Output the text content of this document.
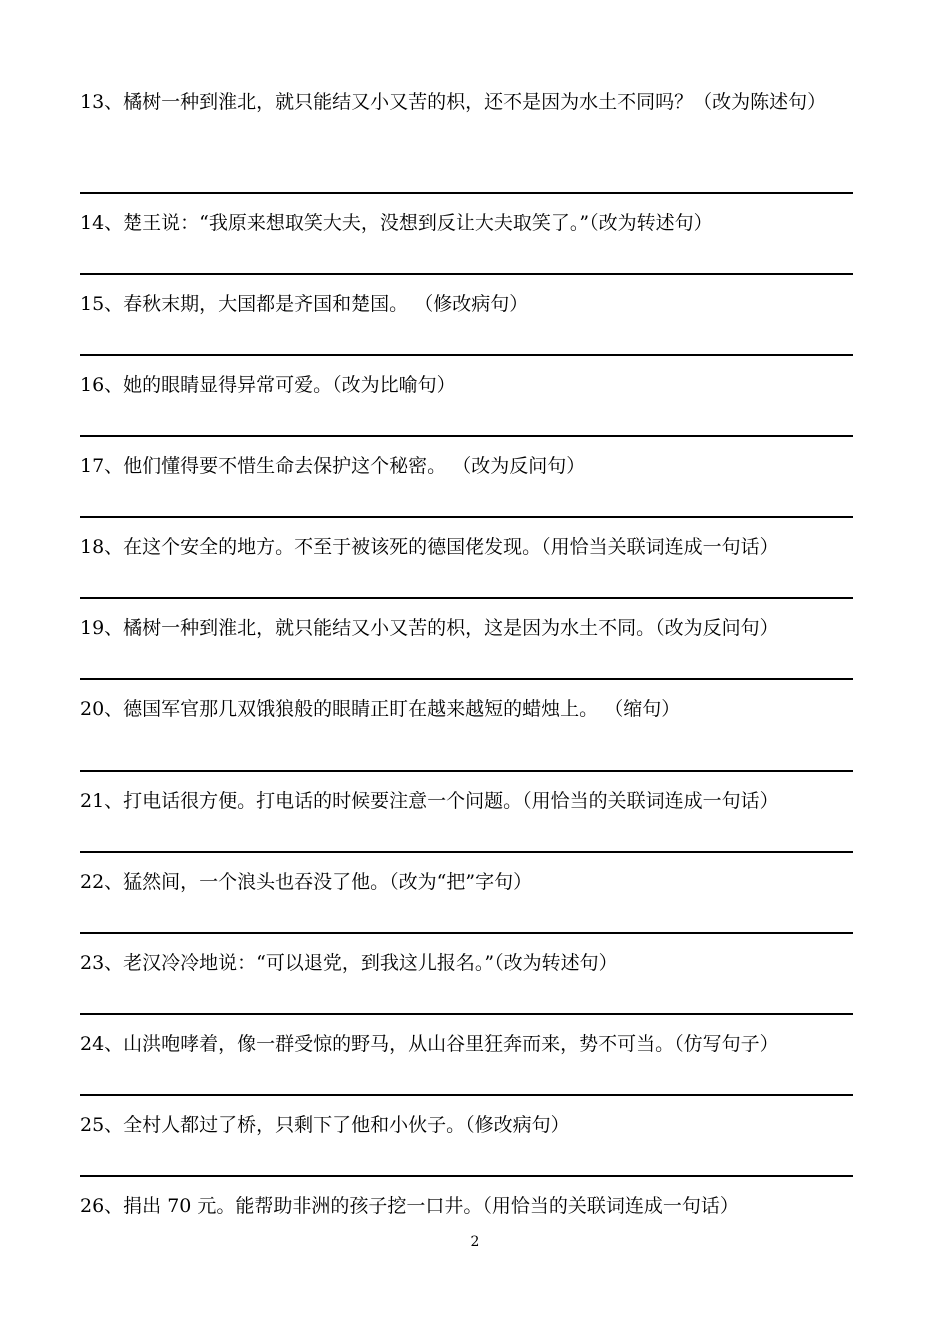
13、橘树一种到淮北，就只能结又小又苦的枳，还不是因为水土不同吗？（改为陈述句）
14、楚王说：“我原来想取笑大夫，没想到反让大夫取笑了。”（改为转述句）
15、春秋末期，大国都是齐国和楚国。 （修改病句）
16、她的眼睛显得异常可爱。（改为比喻句）
17、他们懂得要不惜生命去保护这个秘密。 （改为反问句）
18、在这个安全的地方。不至于被该死的德国佬发现。（用恰当关联词连成一句话）
19、橘树一种到淮北，就只能结又小又苦的枳，这是因为水土不同。（改为反问句）
20、德国军官那几双饿狼般的眼睛正盯在越来越短的蜡烛上。 （缩句）
21、打电话很方便。打电话的时候要注意一个问题。（用恰当的关联词连成一句话）
22、猛然间，一个浪头也吞没了他。（改为“把”字句）
23、老汉冷冷地说：“可以退党，到我这儿报名。”（改为转述句）
24、山洪咆哮着，像一群受惊的野马，从山谷里狂奔而来，势不可当。（仿写句子）
25、全村人都过了桥，只剩下了他和小伙子。（修改病句）
26、捐出 70 元。能帮助非洲的孩子挖一口井。（用恰当的关联词连成一句话）
2
